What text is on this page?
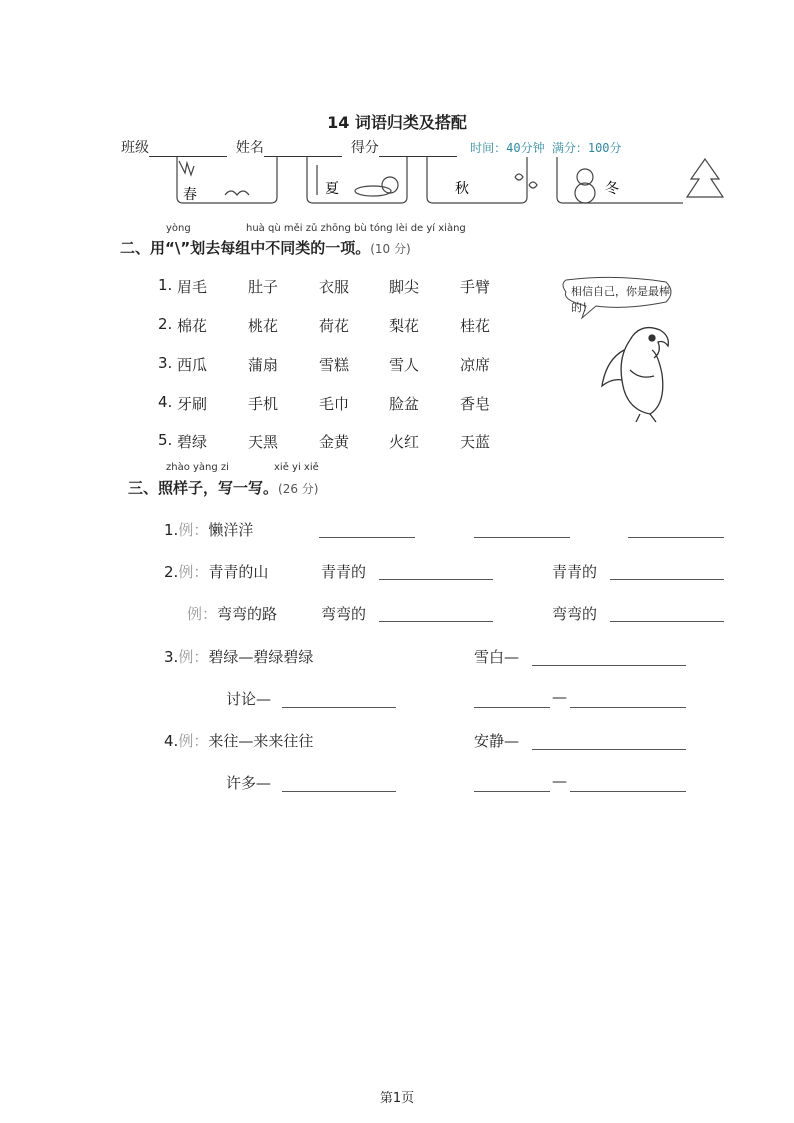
14 词语归类及搭配
班级	姓名	得分	时间：40分钟 满分：100分
春	夏	秋	冬
yòng	huà qù měi zǔ zhōng bù tóng lèi de yí xiàng
二、用“\”划去每组中不同类的一项。(10 分)
1. 眉毛	肚子	衣服	脚尖	手臂
2. 棉花	桃花	荷花	梨花	桂花
3. 西瓜	蒲扇	雪糕	雪人	凉席
4. 牙刷	手机	毛巾	脸盆	香皂
5. 碧绿	天黑	金黄	火红	天蓝
相信自己，你是最棒的！
zhào yàng zi	xiě yi xiě
三、照样子，写一写。(26 分)
1.例：懒洋洋
2.例：青青的山	青青的	青青的
例：弯弯的路	弯弯的	弯弯的
3.例：碧绿—碧绿碧绿	雪白—
讨论—	—
4.例：来往—来来往往	安静—
许多—	—
第1页
